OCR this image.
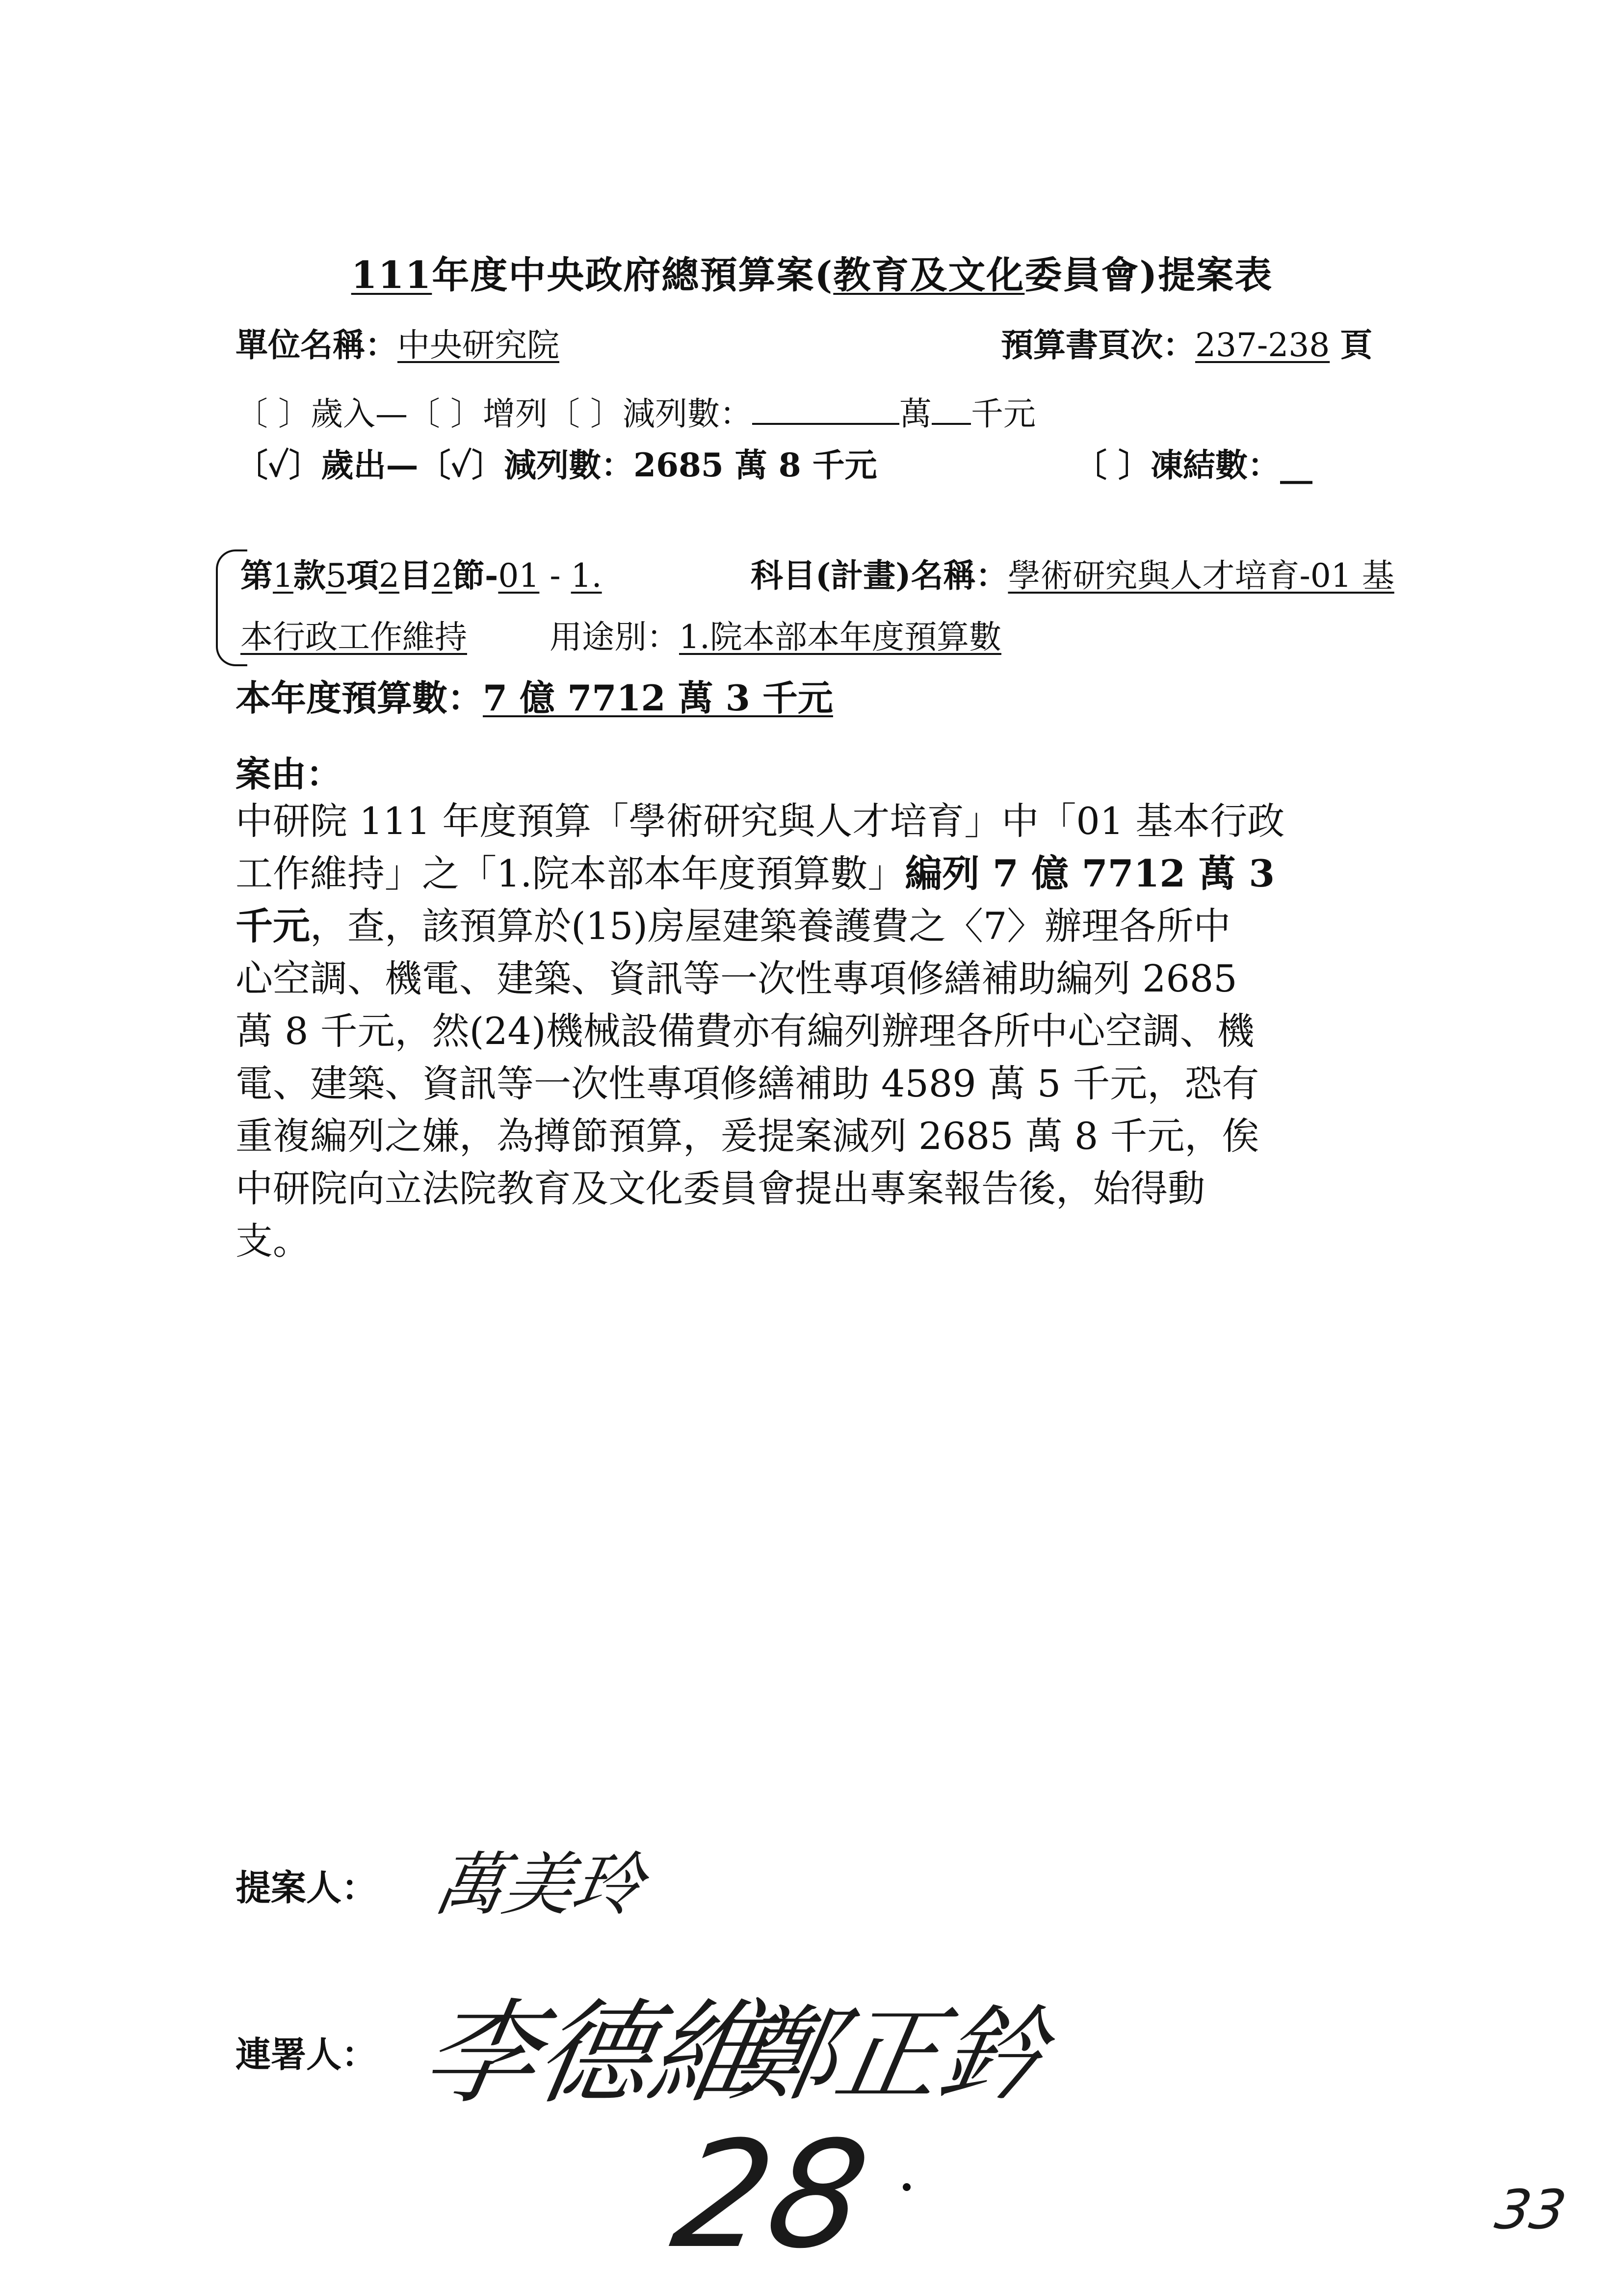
111年度中央政府總預算案(教育及文化委員會)提案表
單位名稱：中央研究院	預算書頁次：237-238 頁
〔 〕歲入—〔 〕增列〔 〕減列數：	萬 千元
〔✓〕歲出—〔✓〕減列數：2685 萬 8 千元	〔 〕凍結數：__
第1款5項2目2節-01 - 1.	科目(計畫)名稱：學術研究與人才培育-01 基
本行政工作維持	用途別：1.院本部本年度預算數
本年度預算數：7 億 7712 萬 3 千元
案由：
中研院 111 年度預算「學術研究與人才培育」中「01 基本行政
工作維持」之「1.院本部本年度預算數」編列 7 億 7712 萬 3
千元，查，該預算於(15)房屋建築養護費之〈7〉辦理各所中
心空調、機電、建築、資訊等一次性專項修繕補助編列 2685
萬 8 千元，然(24)機械設備費亦有編列辦理各所中心空調、機
電、建築、資訊等一次性專項修繕補助 4589 萬 5 千元，恐有
重複編列之嫌，為撙節預算，爰提案減列 2685 萬 8 千元，俟
中研院向立法院教育及文化委員會提出專案報告後，始得動
支。
提案人： 萬美玲
連署人： 李德維
鄭正鈐
28	33
